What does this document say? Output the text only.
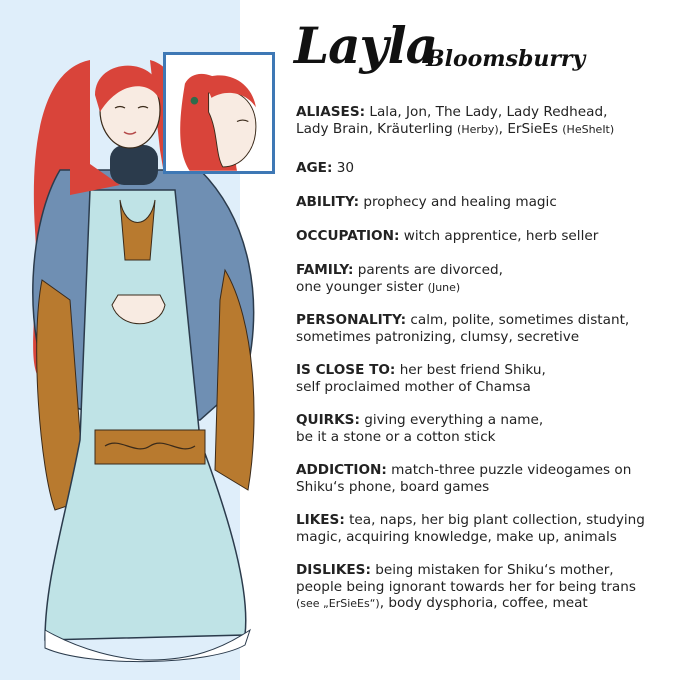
Layla
Bloomsburry
ALIASES: Lala, Jon, The Lady, Lady Redhead,
Lady Brain, Kräuterling (Herby), ErSieEs (HeSheIt)
AGE: 30
ABILITY: prophecy and healing magic
OCCUPATION: witch apprentice, herb seller
FAMILY: parents are divorced,
one younger sister (June)
PERSONALITY: calm, polite, sometimes distant,
sometimes patronizing, clumsy, secretive
IS CLOSE TO: her best friend Shiku,
self proclaimed mother of Chamsa
QUIRKS: giving everything a name,
be it a stone or a cotton stick
ADDICTION: match-three puzzle videogames on
Shiku‘s phone, board games
LIKES: tea, naps, her big plant collection, studying
magic, acquiring knowledge, make up, animals
DISLIKES: being mistaken for Shiku‘s mother,
people being ignorant towards her for being trans
(see „ErSieEs“), body dysphoria, coffee, meat
